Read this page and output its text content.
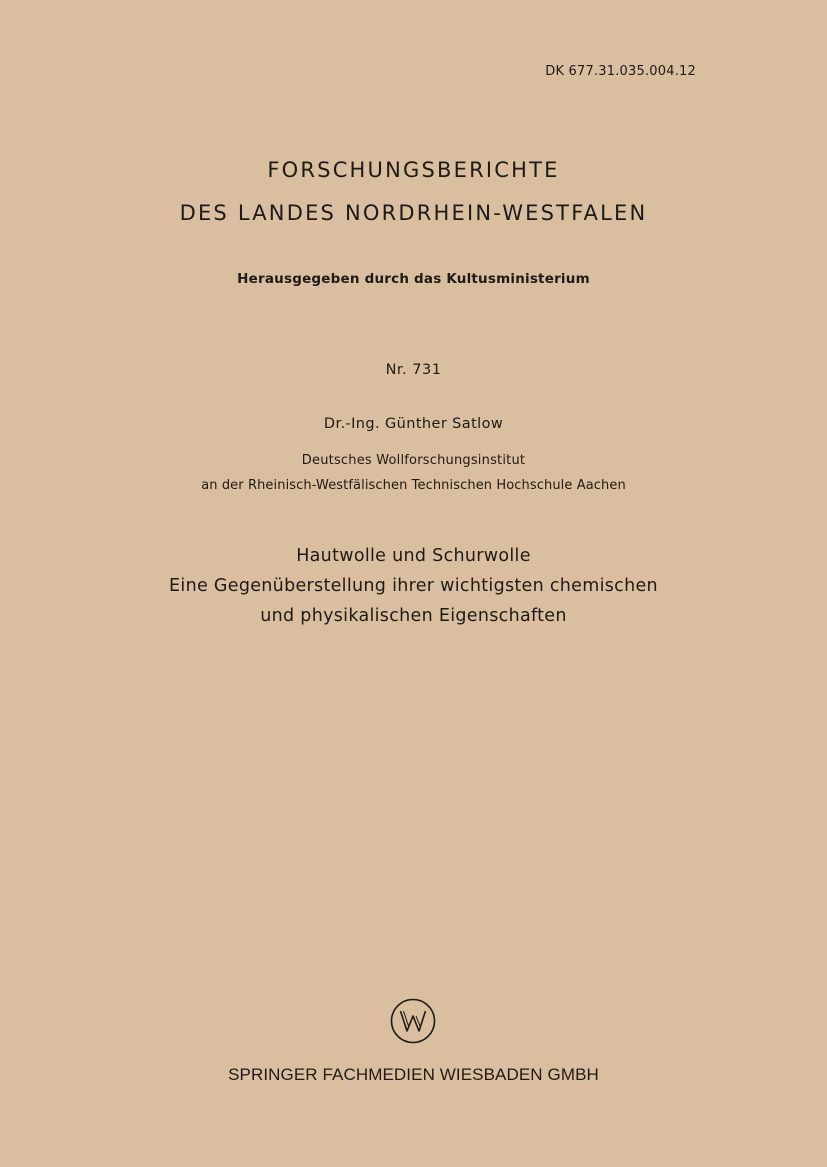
DK 677.31.035.004.12
FORSCHUNGSBERICHTE
DES LANDES NORDRHEIN-WESTFALEN
Herausgegeben durch das Kultusministerium
Nr. 731
Dr.-Ing. Günther Satlow
Deutsches Wollforschungsinstitut
an der Rheinisch-Westfälischen Technischen Hochschule Aachen
Hautwolle und Schurwolle
Eine Gegenüberstellung ihrer wichtigsten chemischen
und physikalischen Eigenschaften
SPRINGER FACHMEDIEN WIESBADEN GMBH
